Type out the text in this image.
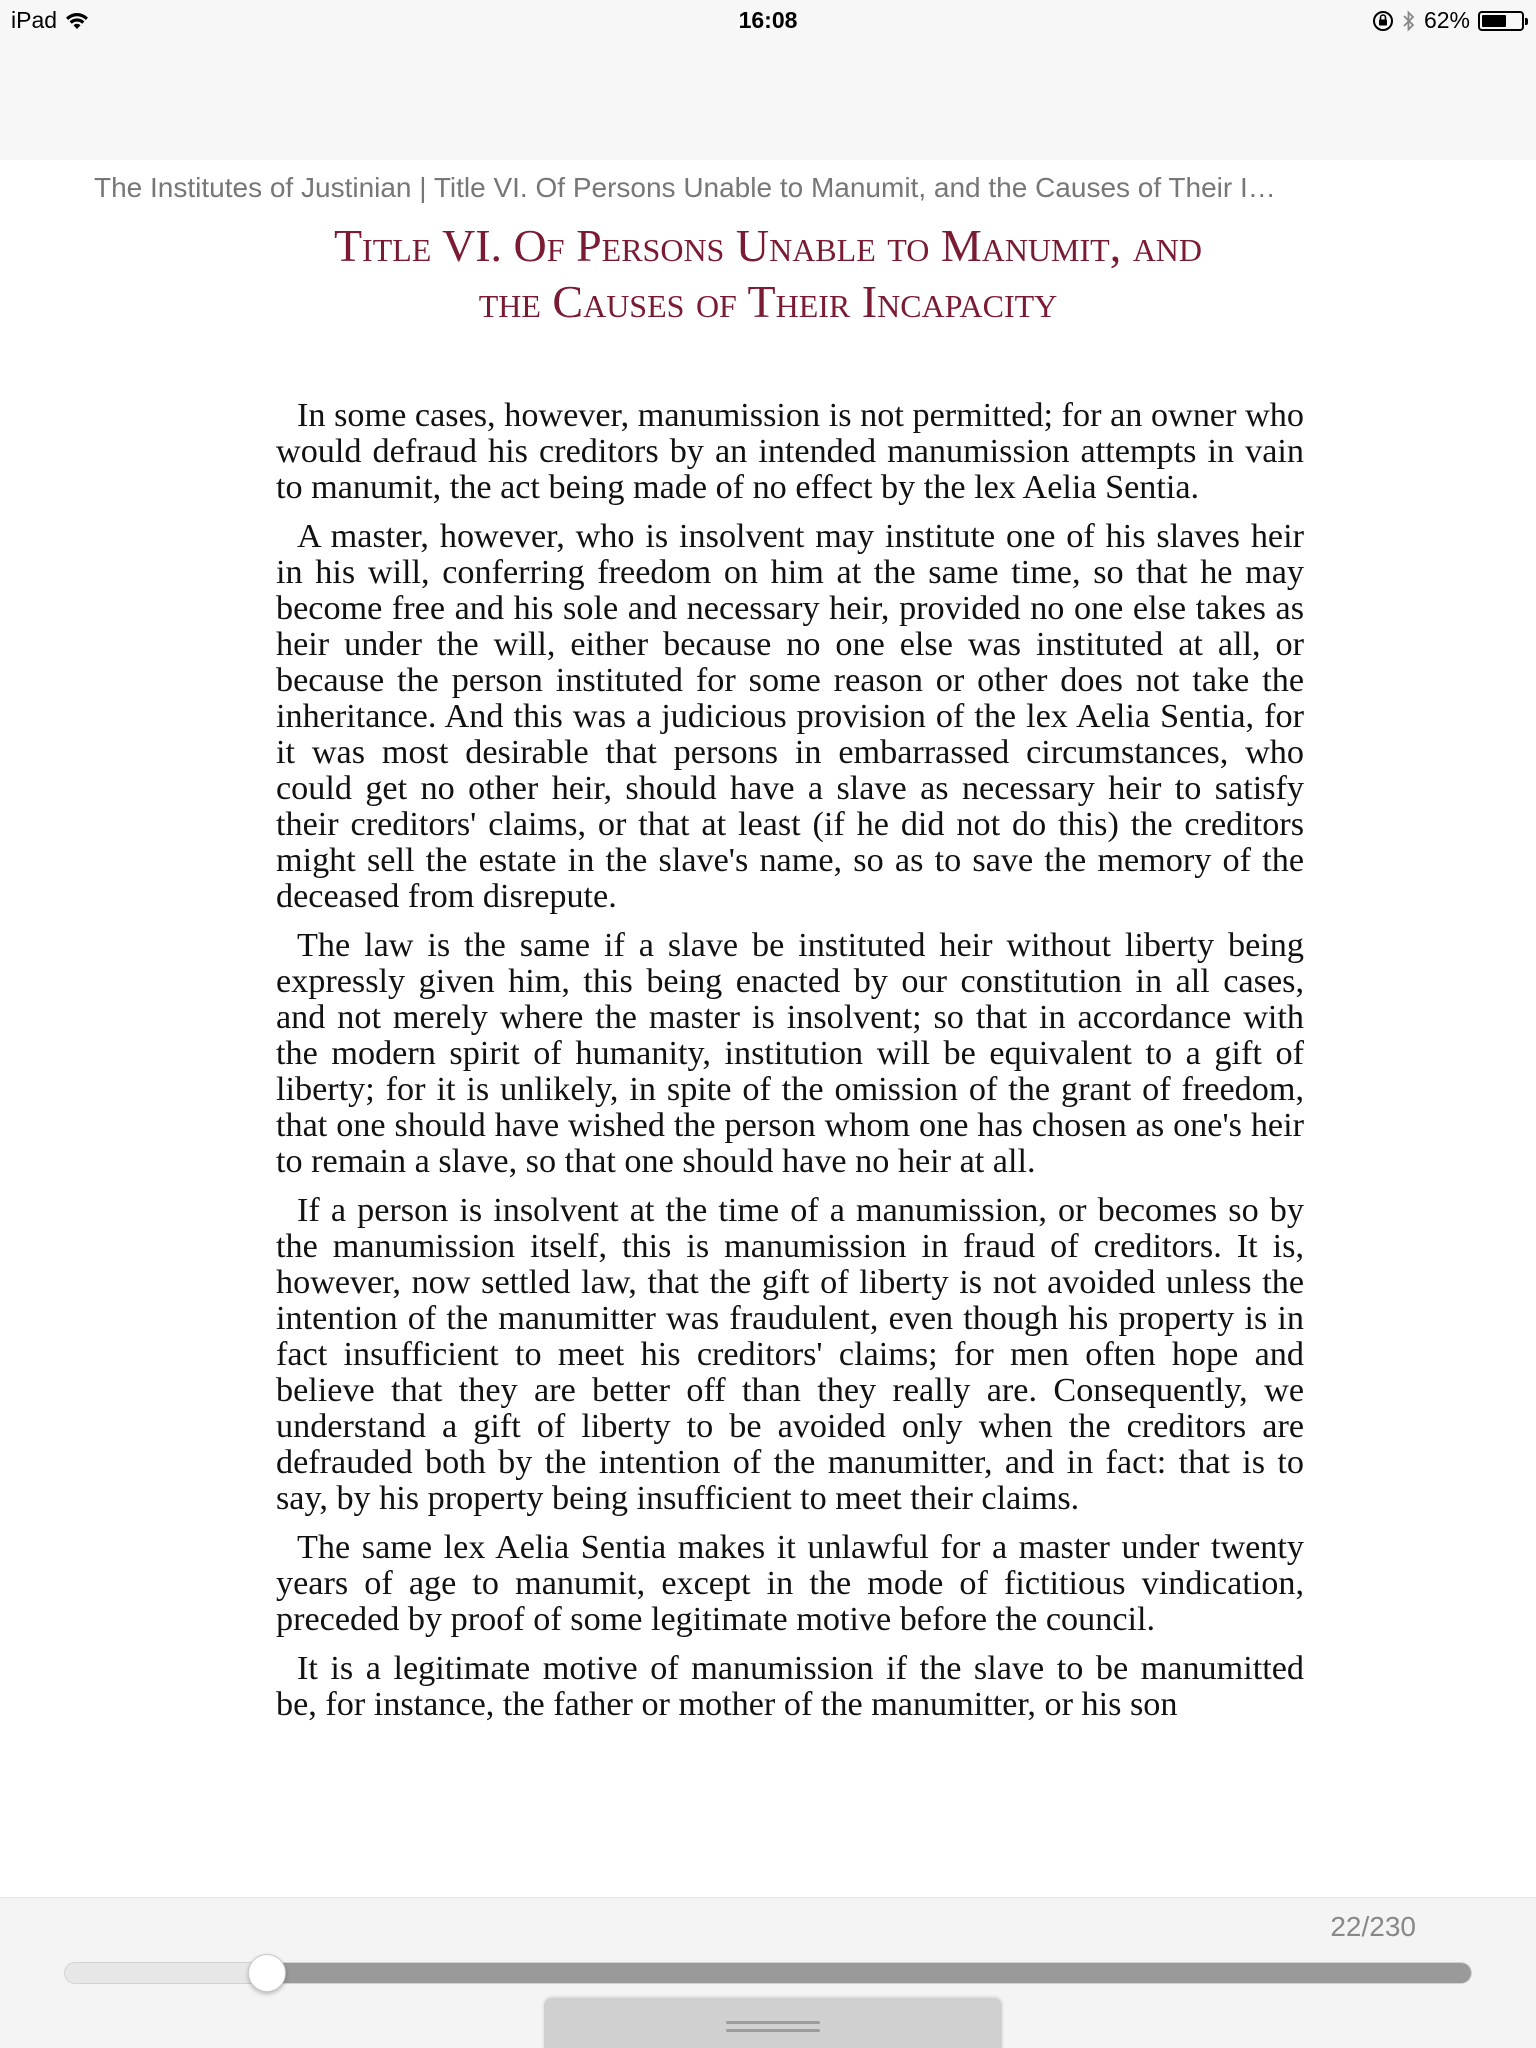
iPad	16:08	62%
The Institutes of Justinian | Title VI. Of Persons Unable to Manumit, and the Causes of Their I…
Title VI. Of Persons Unable to Manumit, and
the Causes of Their Incapacity

In some cases, however, manumission is not permitted; for an owner who would defraud his creditors by an intended manumission attempts in vain to manumit, the act being made of no effect by the lex Aelia Sentia.

A master, however, who is insolvent may institute one of his slaves heir in his will, conferring freedom on him at the same time, so that he may become free and his sole and necessary heir, provided no one else takes as heir under the will, either because no one else was instituted at all, or because the person instituted for some reason or other does not take the inheritance. And this was a judicious provision of the lex Aelia Sentia, for it was most desirable that persons in embarrassed circumstances, who could get no other heir, should have a slave as necessary heir to satisfy their creditors' claims, or that at least (if he did not do this) the creditors might sell the estate in the slave's name, so as to save the memory of the deceased from disrepute.

The law is the same if a slave be instituted heir without liberty being expressly given him, this being enacted by our constitution in all cases, and not merely where the master is insolvent; so that in accordance with the modern spirit of humanity, institution will be equivalent to a gift of liberty; for it is unlikely, in spite of the omission of the grant of freedom, that one should have wished the person whom one has chosen as one's heir to remain a slave, so that one should have no heir at all.

If a person is insolvent at the time of a manumission, or becomes so by the manumission itself, this is manumission in fraud of creditors. It is, however, now settled law, that the gift of liberty is not avoided unless the intention of the manumitter was fraudulent, even though his property is in fact insufficient to meet his creditors' claims; for men often hope and believe that they are better off than they really are. Consequently, we understand a gift of liberty to be avoided only when the creditors are defrauded both by the intention of the manumitter, and in fact: that is to say, by his property being insufficient to meet their claims.

The same lex Aelia Sentia makes it unlawful for a master under twenty years of age to manumit, except in the mode of fictitious vindication, preceded by proof of some legitimate motive before the council.

It is a legitimate motive of manumission if the slave to be manumitted be, for instance, the father or mother of the manumitter, or his son

22/230
